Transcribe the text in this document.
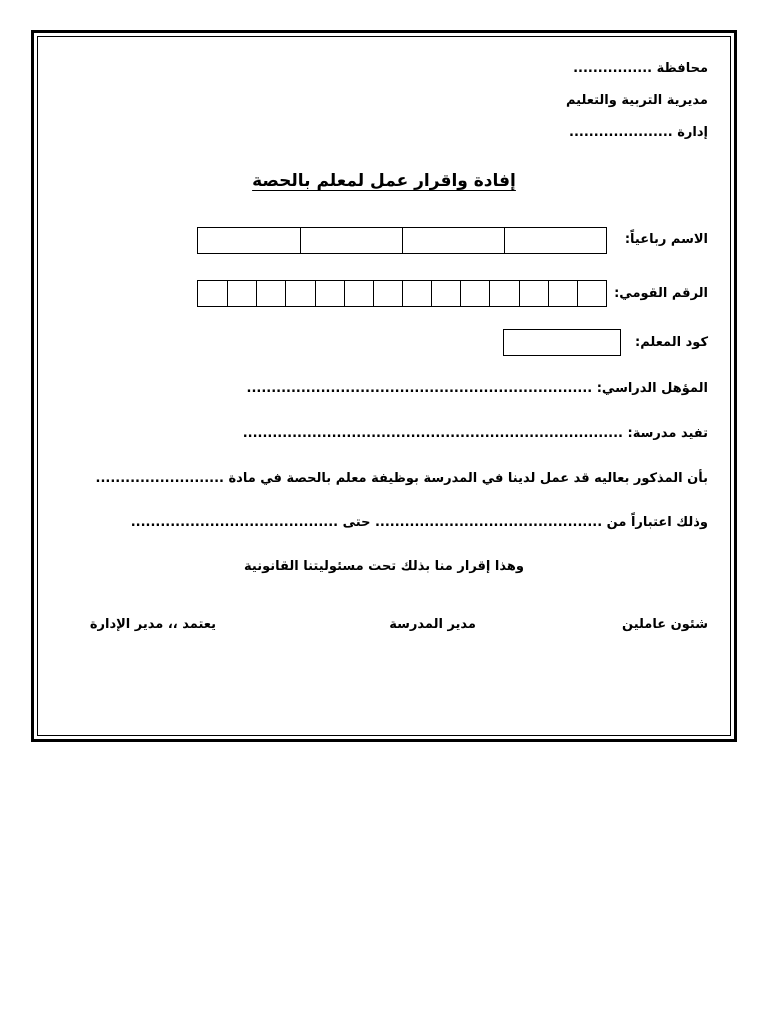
محافظة ................
مديرية التربية والتعليم
إدارة .....................
إفادة واقرار عمل لمعلم بالحصة
الاسم رباعياً:
الرقم القومي:
كود المعلم:
المؤهل الدراسي: ......................................................................
تفيد مدرسة: .............................................................................
بأن المذكور بعاليه قد عمل لدينا في المدرسة بوظيفة معلم بالحصة في مادة ..........................
وذلك اعتباراً من .............................................. حتى ..........................................
وهذا إقرار منا بذلك تحت مسئوليتنا القانونية
شئون عاملين
مدير المدرسة
يعتمد ،، مدير الإدارة
